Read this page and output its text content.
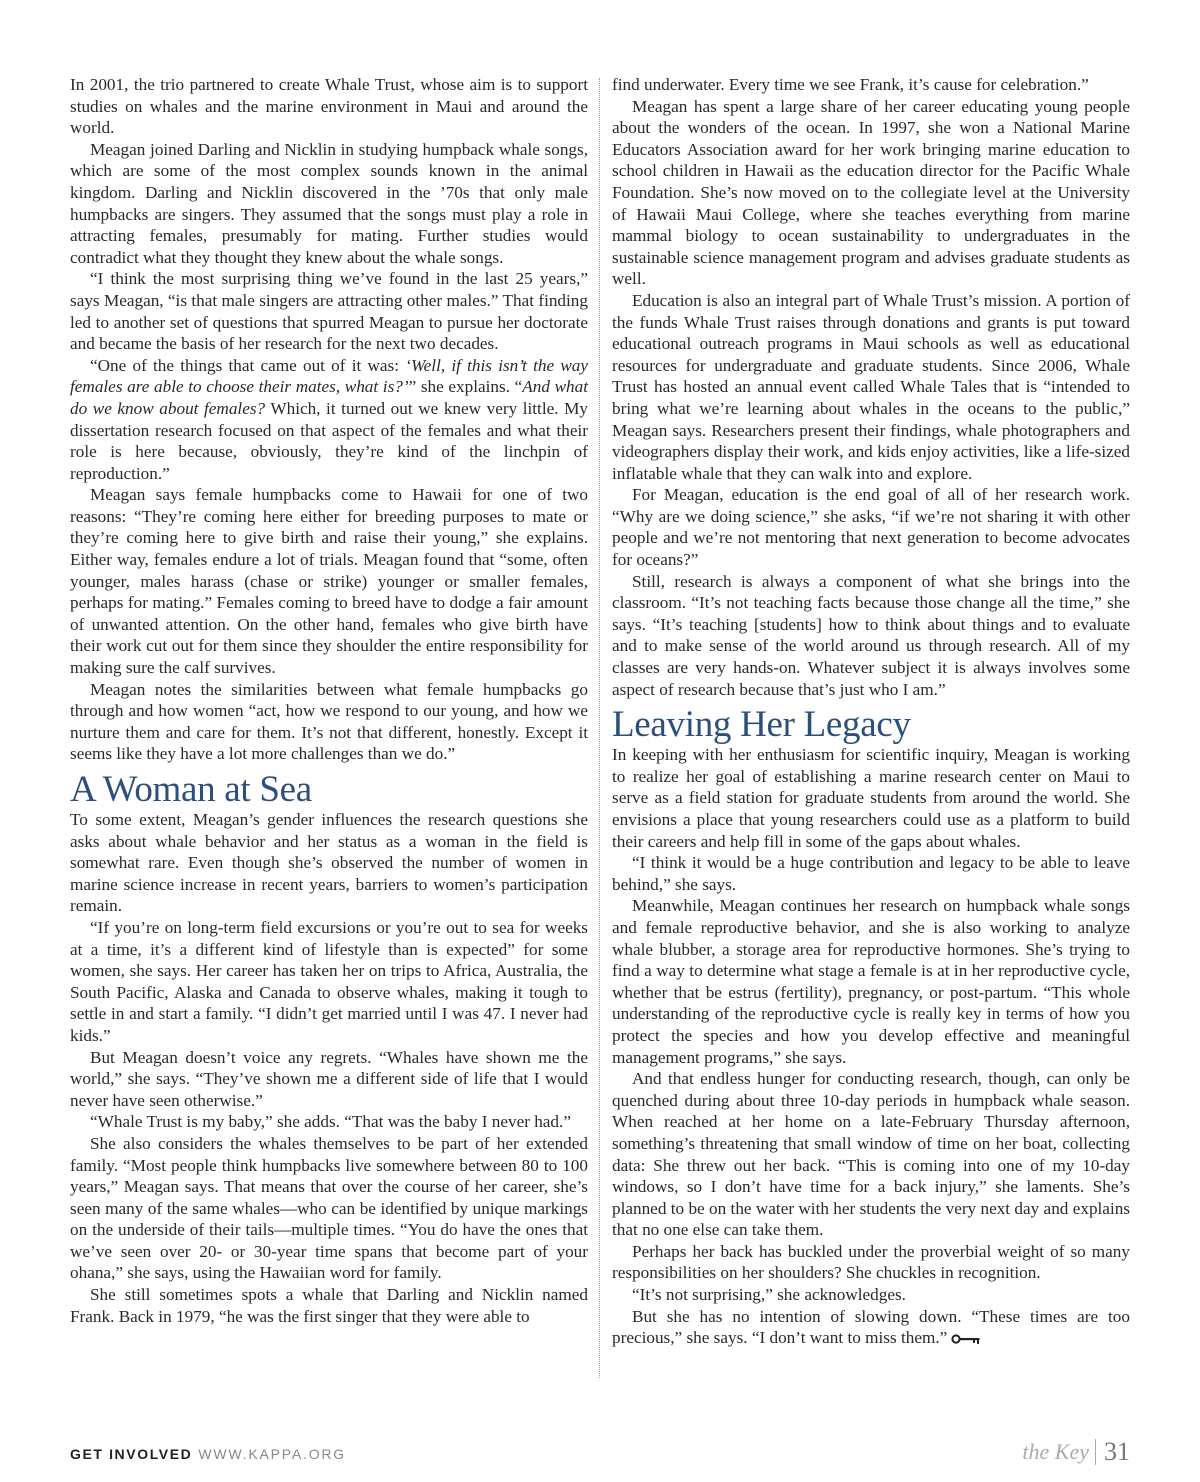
In 2001, the trio partnered to create Whale Trust, whose aim is to support studies on whales and the marine environment in Maui and around the world.

Meagan joined Darling and Nicklin in studying humpback whale songs, which are some of the most complex sounds known in the animal kingdom. Darling and Nicklin discovered in the ’70s that only male humpbacks are singers. They assumed that the songs must play a role in attracting females, presumably for mating. Further studies would contradict what they thought they knew about the whale songs.

“I think the most surprising thing we’ve found in the last 25 years,” says Meagan, “is that male singers are attracting other males.” That finding led to another set of questions that spurred Meagan to pursue her doctorate and became the basis of her research for the next two decades.

“One of the things that came out of it was: ‘Well, if this isn’t the way females are able to choose their mates, what is?’” she explains. “And what do we know about females? Which, it turned out we knew very little. My dissertation research focused on that aspect of the females and what their role is here because, obviously, they’re kind of the linchpin of reproduction.”

Meagan says female humpbacks come to Hawaii for one of two reasons: “They’re coming here either for breeding purposes to mate or they’re coming here to give birth and raise their young,” she explains. Either way, females endure a lot of trials. Meagan found that “some, often younger, males harass (chase or strike) younger or smaller females, perhaps for mating.” Females coming to breed have to dodge a fair amount of unwanted attention. On the other hand, females who give birth have their work cut out for them since they shoulder the entire responsibility for making sure the calf survives.

Meagan notes the similarities between what female humpbacks go through and how women “act, how we respond to our young, and how we nurture them and care for them. It’s not that different, honestly. Except it seems like they have a lot more challenges than we do.”

A Woman at Sea

To some extent, Meagan’s gender influences the research questions she asks about whale behavior and her status as a woman in the field is somewhat rare. Even though she’s observed the number of women in marine science increase in recent years, barriers to women’s participation remain.

“If you’re on long-term field excursions or you’re out to sea for weeks at a time, it’s a different kind of lifestyle than is expected” for some women, she says. Her career has taken her on trips to Africa, Australia, the South Pacific, Alaska and Canada to observe whales, making it tough to settle in and start a family. “I didn’t get married until I was 47. I never had kids.”

But Meagan doesn’t voice any regrets. “Whales have shown me the world,” she says. “They’ve shown me a different side of life that I would never have seen otherwise.”

“Whale Trust is my baby,” she adds. “That was the baby I never had.”

She also considers the whales themselves to be part of her extended family. “Most people think humpbacks live somewhere between 80 to 100 years,” Meagan says. That means that over the course of her career, she’s seen many of the same whales—who can be identified by unique markings on the underside of their tails—multiple times. “You do have the ones that we’ve seen over 20- or 30-year time spans that become part of your ohana,” she says, using the Hawaiian word for family.

She still sometimes spots a whale that Darling and Nicklin named Frank. Back in 1979, “he was the first singer that they were able to

find underwater. Every time we see Frank, it’s cause for celebration.”

Meagan has spent a large share of her career educating young people about the wonders of the ocean. In 1997, she won a National Marine Educators Association award for her work bringing marine education to school children in Hawaii as the education director for the Pacific Whale Foundation. She’s now moved on to the collegiate level at the University of Hawaii Maui College, where she teaches everything from marine mammal biology to ocean sustainability to undergraduates in the sustainable science management program and advises graduate students as well.

Education is also an integral part of Whale Trust’s mission. A portion of the funds Whale Trust raises through donations and grants is put toward educational outreach programs in Maui schools as well as educational resources for undergraduate and graduate students. Since 2006, Whale Trust has hosted an annual event called Whale Tales that is “intended to bring what we’re learning about whales in the oceans to the public,” Meagan says. Researchers present their findings, whale photographers and videographers display their work, and kids enjoy activities, like a life-sized inflatable whale that they can walk into and explore.

For Meagan, education is the end goal of all of her research work. “Why are we doing science,” she asks, “if we’re not sharing it with other people and we’re not mentoring that next generation to become advocates for oceans?”

Still, research is always a component of what she brings into the classroom. “It’s not teaching facts because those change all the time,” she says. “It’s teaching [students] how to think about things and to evaluate and to make sense of the world around us through research. All of my classes are very hands-on. Whatever subject it is always involves some aspect of research because that’s just who I am.”

Leaving Her Legacy

In keeping with her enthusiasm for scientific inquiry, Meagan is working to realize her goal of establishing a marine research center on Maui to serve as a field station for graduate students from around the world. She envisions a place that young researchers could use as a platform to build their careers and help fill in some of the gaps about whales.

“I think it would be a huge contribution and legacy to be able to leave behind,” she says.

Meanwhile, Meagan continues her research on humpback whale songs and female reproductive behavior, and she is also working to analyze whale blubber, a storage area for reproductive hormones. She’s trying to find a way to determine what stage a female is at in her reproductive cycle, whether that be estrus (fertility), pregnancy, or post-partum. “This whole understanding of the reproductive cycle is really key in terms of how you protect the species and how you develop effective and meaningful management programs,” she says.

And that endless hunger for conducting research, though, can only be quenched during about three 10-day periods in humpback whale season. When reached at her home on a late-February Thursday afternoon, something’s threatening that small window of time on her boat, collecting data: She threw out her back. “This is coming into one of my 10-day windows, so I don’t have time for a back injury,” she laments. She’s planned to be on the water with her students the very next day and explains that no one else can take them.

Perhaps her back has buckled under the proverbial weight of so many responsibilities on her shoulders? She chuckles in recognition.

“It’s not surprising,” she acknowledges.

But she has no intention of slowing down. “These times are too precious,” she says. “I don’t want to miss them.”

GET INVOLVED WWW.KAPPA.ORG	the Key 31
